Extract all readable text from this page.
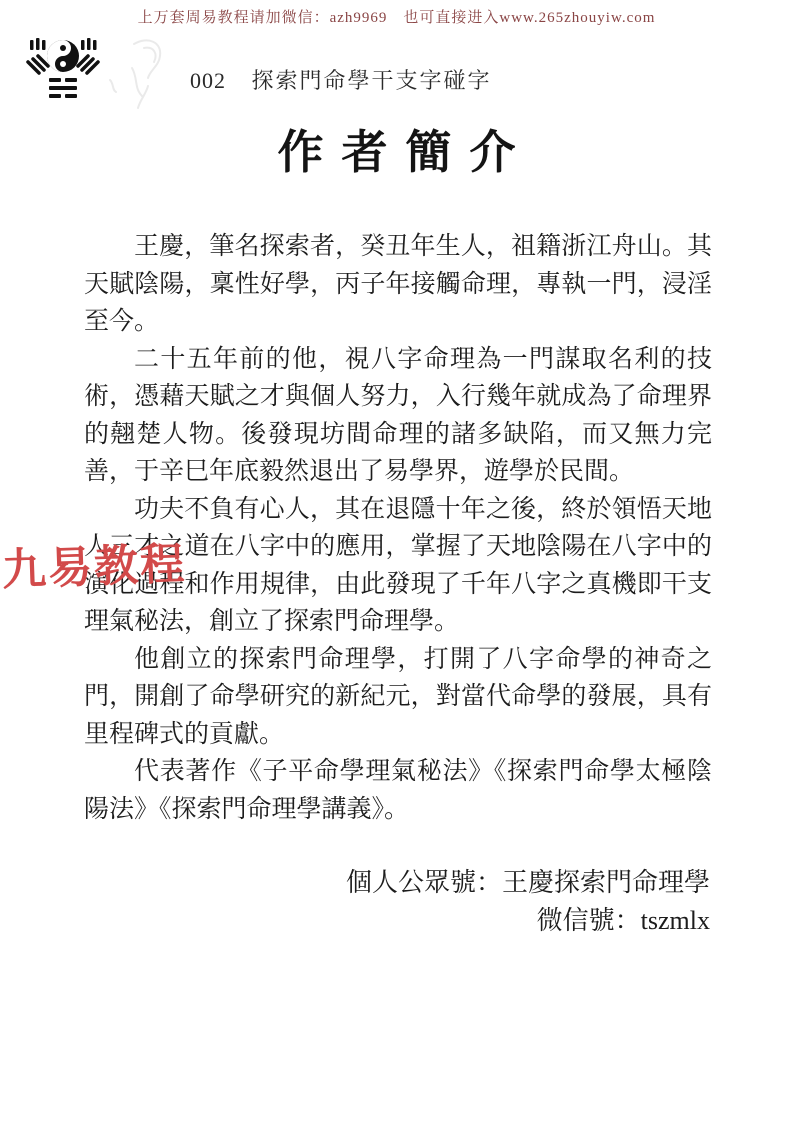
上万套周易教程请加微信：azh9969　也可直接进入www.265zhouyiw.com
002 探索門命學干支字碰字
作者簡介

王慶，筆名探索者，癸丑年生人，祖籍浙江舟山。其天賦陰陽，稟性好學，丙子年接觸命理，專執一門，浸淫至今。

二十五年前的他，視八字命理為一門謀取名利的技術，憑藉天賦之才與個人努力，入行幾年就成為了命理界的翹楚人物。後發現坊間命理的諸多缺陷，而又無力完善，于辛巳年底毅然退出了易學界，遊學於民間。

功夫不負有心人，其在退隱十年之後，終於領悟天地人三才之道在八字中的應用，掌握了天地陰陽在八字中的演化過程和作用規律，由此發現了千年八字之真機即干支理氣秘法，創立了探索門命理學。

他創立的探索門命理學，打開了八字命學的神奇之門，開創了命學研究的新紀元，對當代命學的發展，具有里程碑式的貢獻。

代表著作《子平命學理氣秘法》《探索門命學太極陰陽法》《探索門命理學講義》。

九易教程
個人公眾號：王慶探索門命理學
微信號：tszmlx
